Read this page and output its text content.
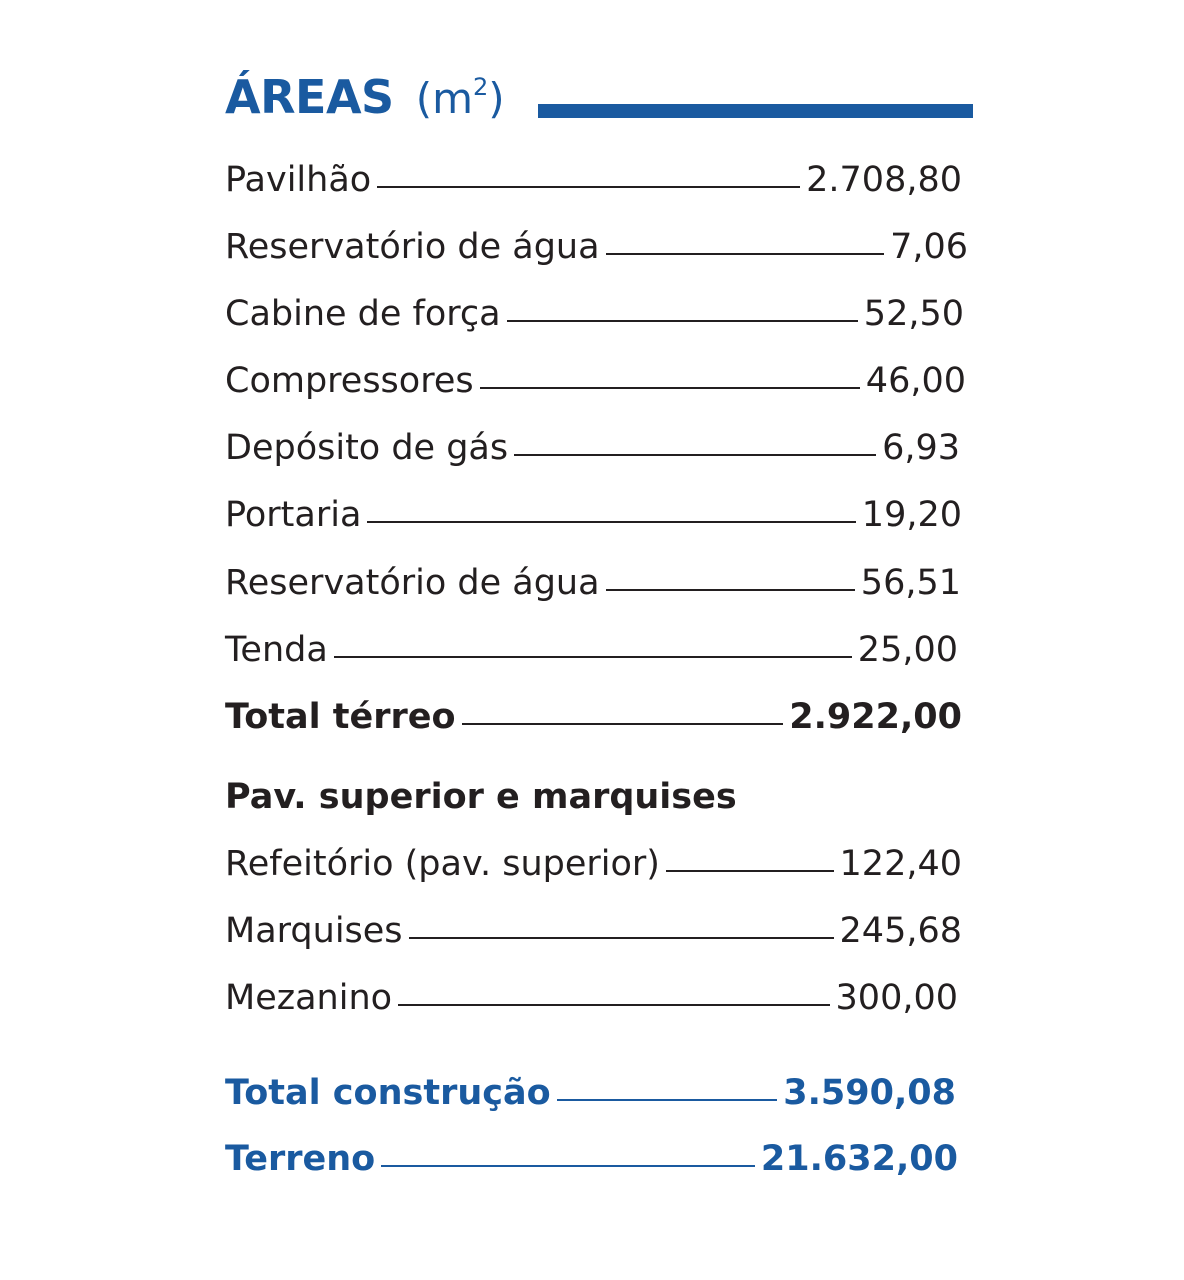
ÁREAS $(m^2)$
Pavilhão	2.708,80
Reservatório de água	7,06
Cabine de força	52,50
Compressores	46,00
Depósito de gás	6,93
Portaria	19,20
Reservatório de água	56,51
Tenda	25,00
Total térreo	2.922,00
Pav. superior e marquises
Refeitório (pav. superior)	122,40
Marquises	245,68
Mezanino	300,00
Total construção	3.590,08
Terreno	21.632,00
